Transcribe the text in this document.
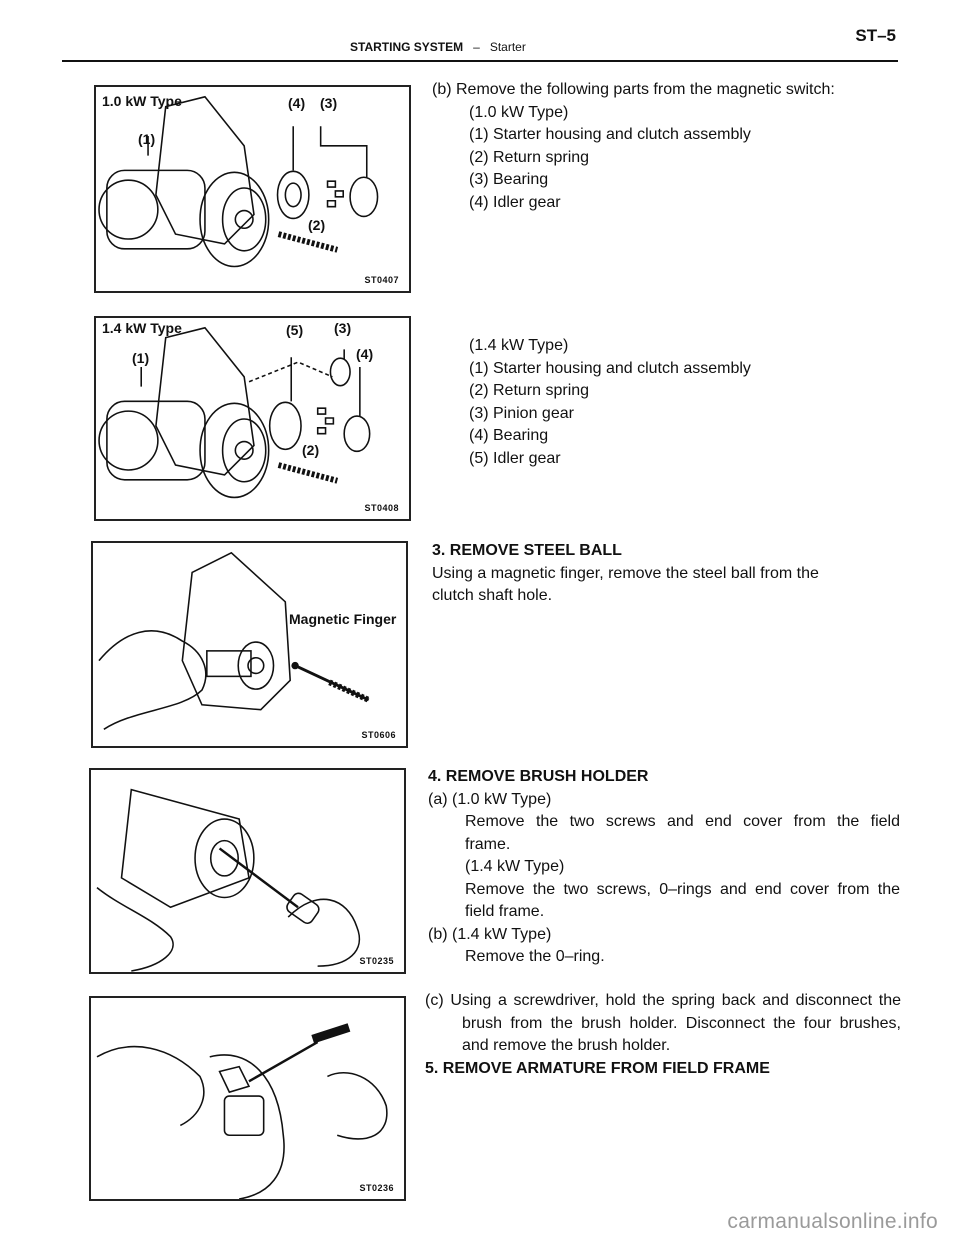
STARTING SYSTEM – Starter
ST–5
1.0 kW Type
(1)
(4) (3)
(2)
ST0407
1.4 kW Type
(1)
(5) (3)
(4)
(2)
ST0408
Magnetic Finger
ST0606
ST0235
ST0236
(b) Remove the following parts from the magnetic switch:
(1.0 kW Type)
(1) Starter housing and clutch assembly
(2) Return spring
(3) Bearing
(4) Idler gear
(1.4 kW Type)
(1) Starter housing and clutch assembly
(2) Return spring
(3) Pinion gear
(4) Bearing
(5) Idler gear
3. REMOVE STEEL BALL
Using a magnetic finger, remove the steel ball from the
clutch shaft hole.
4. REMOVE BRUSH HOLDER
(a) (1.0 kW Type)
Remove the two screws and end cover from the field
frame.
(1.4 kW Type)
Remove the two screws, 0–rings and end cover from the
field frame.
(b) (1.4 kW Type)
Remove the 0–ring.
(c) Using a screwdriver, hold the spring back and disconnect the
brush from the brush holder. Disconnect the four brushes,
and remove the brush holder.
5. REMOVE ARMATURE FROM FIELD FRAME
carmanualsonline.info
